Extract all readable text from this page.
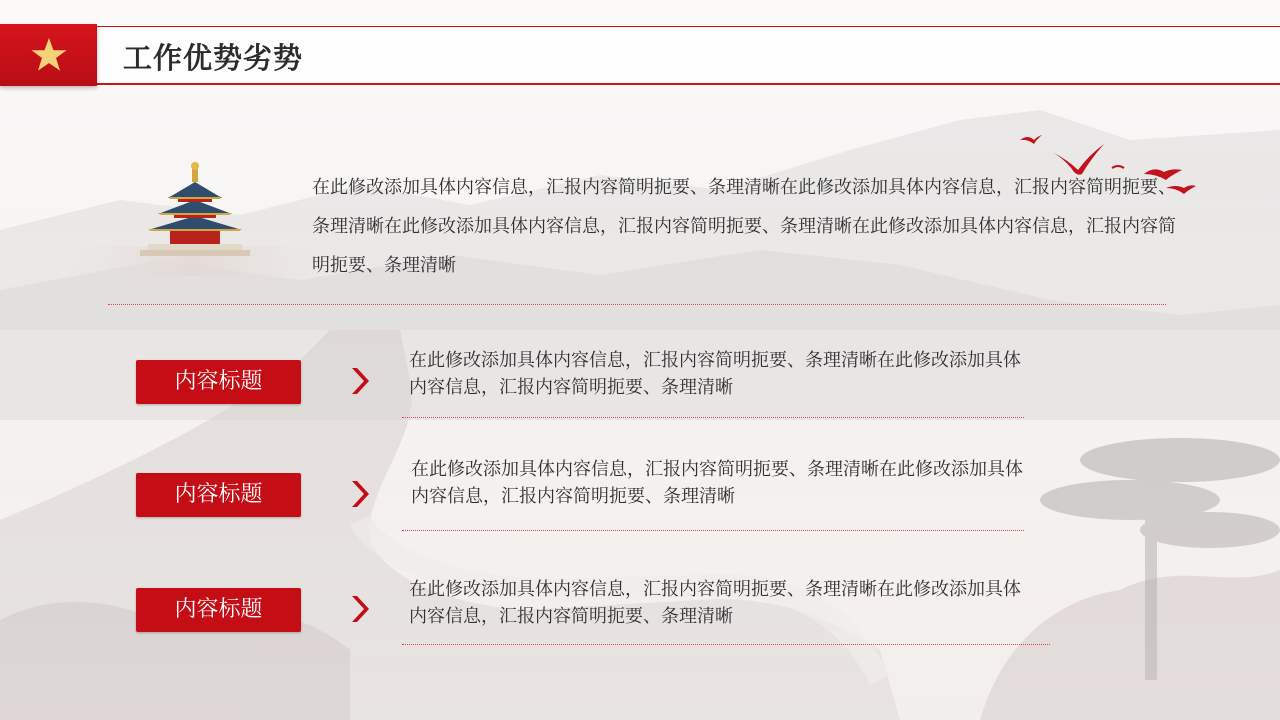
工作优势劣势

在此修改添加具体内容信息，汇报内容简明扼要、条理清晰在此修改添加具体内容信息，汇报内容简明扼要、条理清晰在此修改添加具体内容信息，汇报内容简明扼要、条理清晰在此修改添加具体内容信息，汇报内容简明扼要、条理清晰

内容标题

在此修改添加具体内容信息，汇报内容简明扼要、条理清晰在此修改添加具体内容信息，汇报内容简明扼要、条理清晰

内容标题

在此修改添加具体内容信息，汇报内容简明扼要、条理清晰在此修改添加具体内容信息，汇报内容简明扼要、条理清晰

内容标题

在此修改添加具体内容信息，汇报内容简明扼要、条理清晰在此修改添加具体内容信息，汇报内容简明扼要、条理清晰
